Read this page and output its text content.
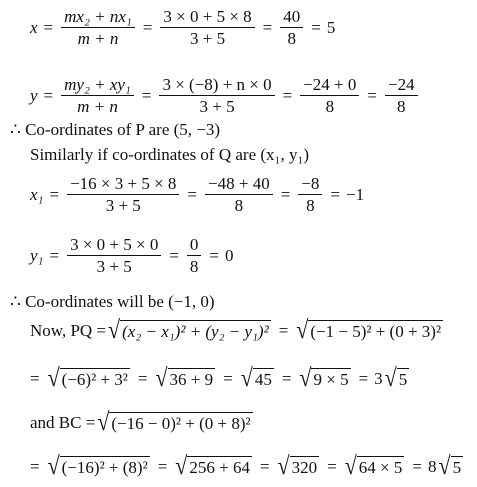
$x = \frac{\text{mx₂ + nx₁}}{m + n} = \frac{3 \times 0 + 5 \times 8}{3 + 5} = \frac{40}{8} = 5$
$y = \frac{\text{my₂ + xy₁}}{m + n} = \frac{3 \times (-8) + n \times 0}{3 + 5} = \frac{-24 + 0}{8} = \frac{-24}{8}$
∴ Co-ordinates of P are (5, −3)
Similarly if co-ordinates of Q are (x₁, y₁)
$x_1 = \frac{-16 \times 3 + 5 \times 8}{3 + 5} = \frac{-48 + 40}{8} = \frac{-8}{8} = -1$
$y_1 = \frac{3 \times 0 + 5 \times 0}{3 + 5} = \frac{0}{8} = 0$
∴ Co-ordinates will be (−1, 0)
Now, PQ = √ (x₂ − x₁)² + (y₂ − y₁)² = √ (−1 − 5)² + (0 + 3)²
= √ (−6)² + 3² = √ 36 + 9 = √ 45 = √ 9 × 5 = 3 √ 5
and BC = √ (−16 − 0)² + (0 + 8)²
= √ (−16)² + (8)² = √ 256 + 64 = √ 320 = √ 64 × 5 = 8 √ 5
